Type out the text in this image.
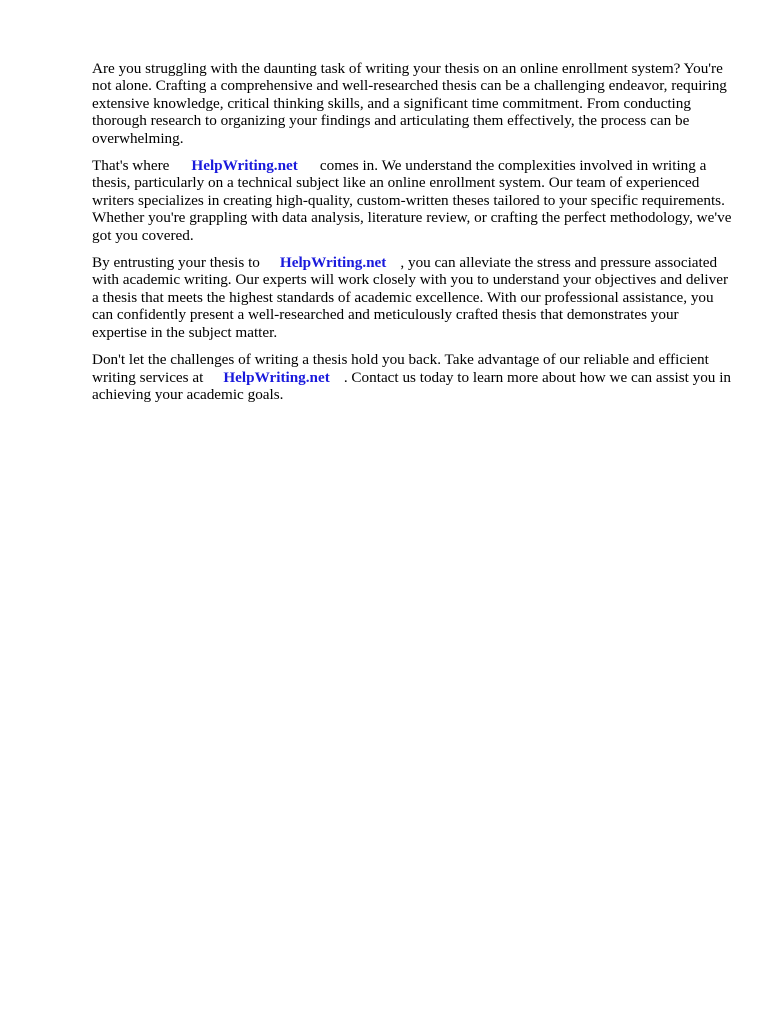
Are you struggling with the daunting task of writing your thesis on an online enrollment system? You're not alone. Crafting a comprehensive and well-researched thesis can be a challenging endeavor, requiring extensive knowledge, critical thinking skills, and a significant time commitment. From conducting thorough research to organizing your findings and articulating them effectively, the process can be overwhelming.

That's where HelpWriting.net comes in. We understand the complexities involved in writing a thesis, particularly on a technical subject like an online enrollment system. Our team of experienced writers specializes in creating high-quality, custom-written theses tailored to your specific requirements. Whether you're grappling with data analysis, literature review, or crafting the perfect methodology, we've got you covered.

By entrusting your thesis to HelpWriting.net , you can alleviate the stress and pressure associated with academic writing. Our experts will work closely with you to understand your objectives and deliver a thesis that meets the highest standards of academic excellence. With our professional assistance, you can confidently present a well-researched and meticulously crafted thesis that demonstrates your expertise in the subject matter.

Don't let the challenges of writing a thesis hold you back. Take advantage of our reliable and efficient writing services at HelpWriting.net . Contact us today to learn more about how we can assist you in achieving your academic goals.
